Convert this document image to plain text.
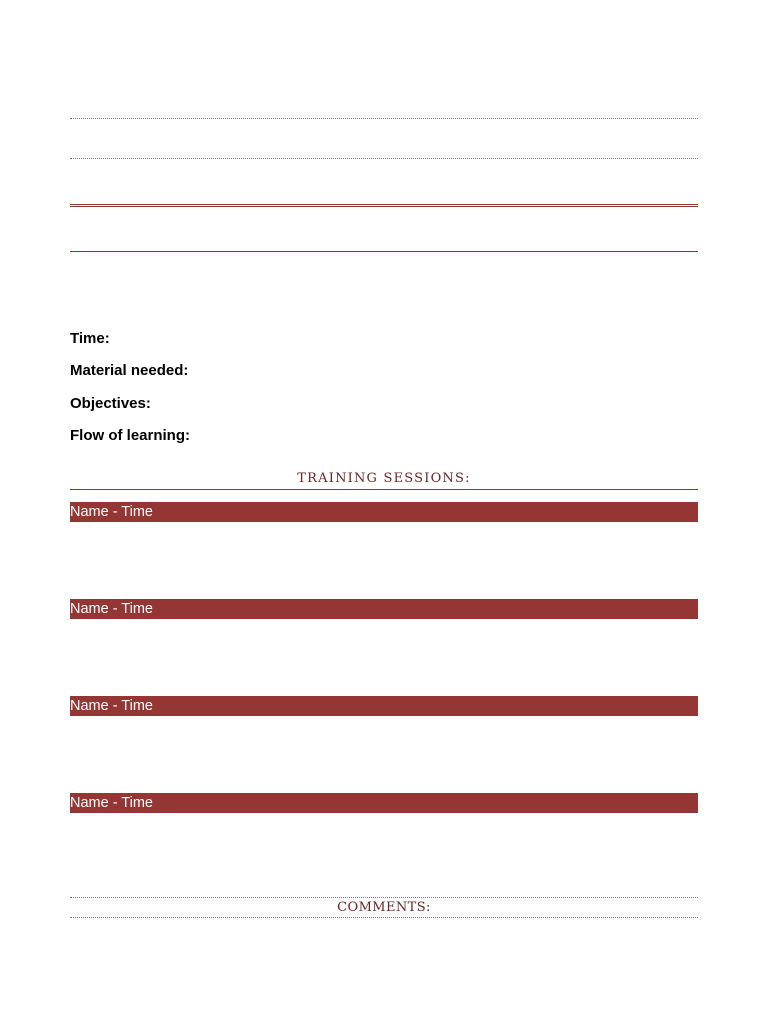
Time:
Material needed:
Objectives:
Flow of learning:
TRAINING SESSIONS:
Name - Time
Name - Time
Name - Time
Name - Time
COMMENTS:
